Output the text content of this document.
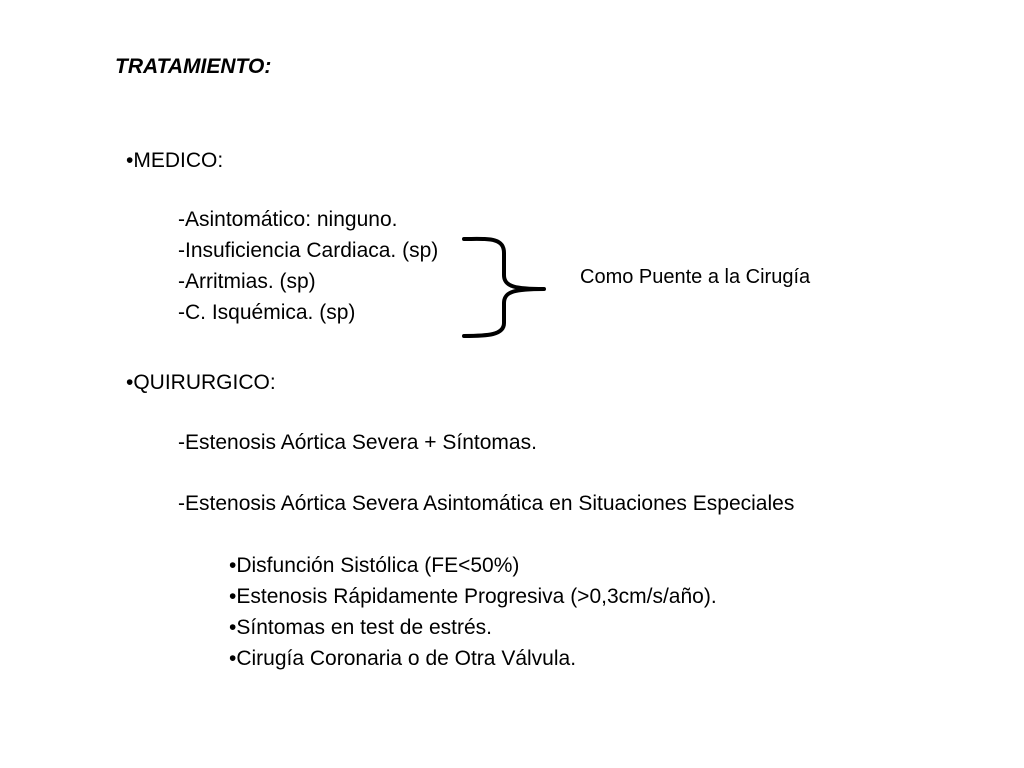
TRATAMIENTO:
•MEDICO:
-Asintomático: ninguno.
-Insuficiencia Cardiaca. (sp)
-Arritmias. (sp)
-C. Isquémica. (sp)
Como Puente a la Cirugía
•QUIRURGICO:
-Estenosis Aórtica Severa + Síntomas.
-Estenosis Aórtica Severa Asintomática en Situaciones Especiales
•Disfunción Sistólica (FE<50%)
•Estenosis Rápidamente Progresiva (>0,3cm/s/año).
•Síntomas en test de estrés.
•Cirugía Coronaria o de Otra Válvula.
